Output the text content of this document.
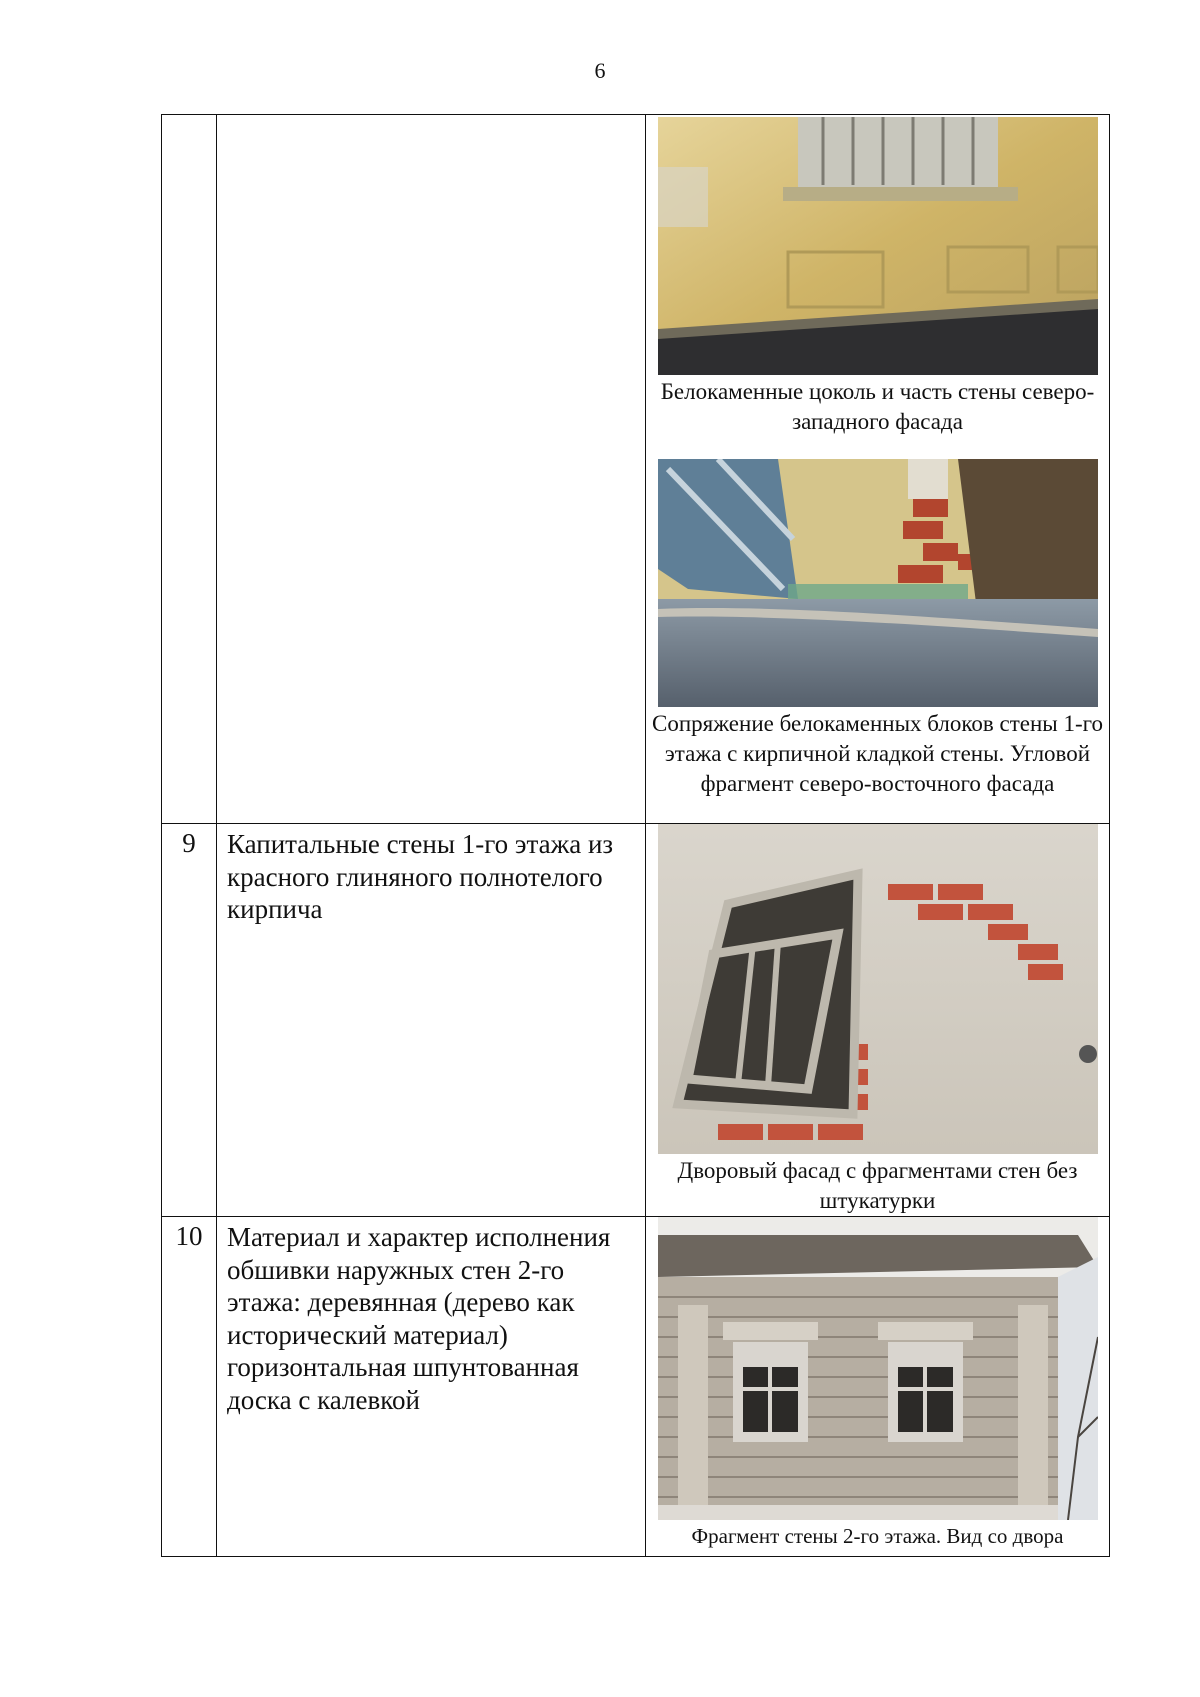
6

		Белокаменные цоколь и часть стены северо-западного фасада
Сопряжение белокаменных блоков стены 1-го этажа с кирпичной кладкой стены. Угловой фрагмент северо-восточного фасада

9	Капитальные стены 1-го этажа из красного глиняного полнотелого кирпича	Дворовый фасад с фрагментами стен без штукатурки

10	Материал и характер исполнения обшивки наружных стен 2-го этажа: деревянная (дерево как исторический материал) горизонтальная шпунтованная доска с калевкой	Фрагмент стены 2-го этажа. Вид со двора
